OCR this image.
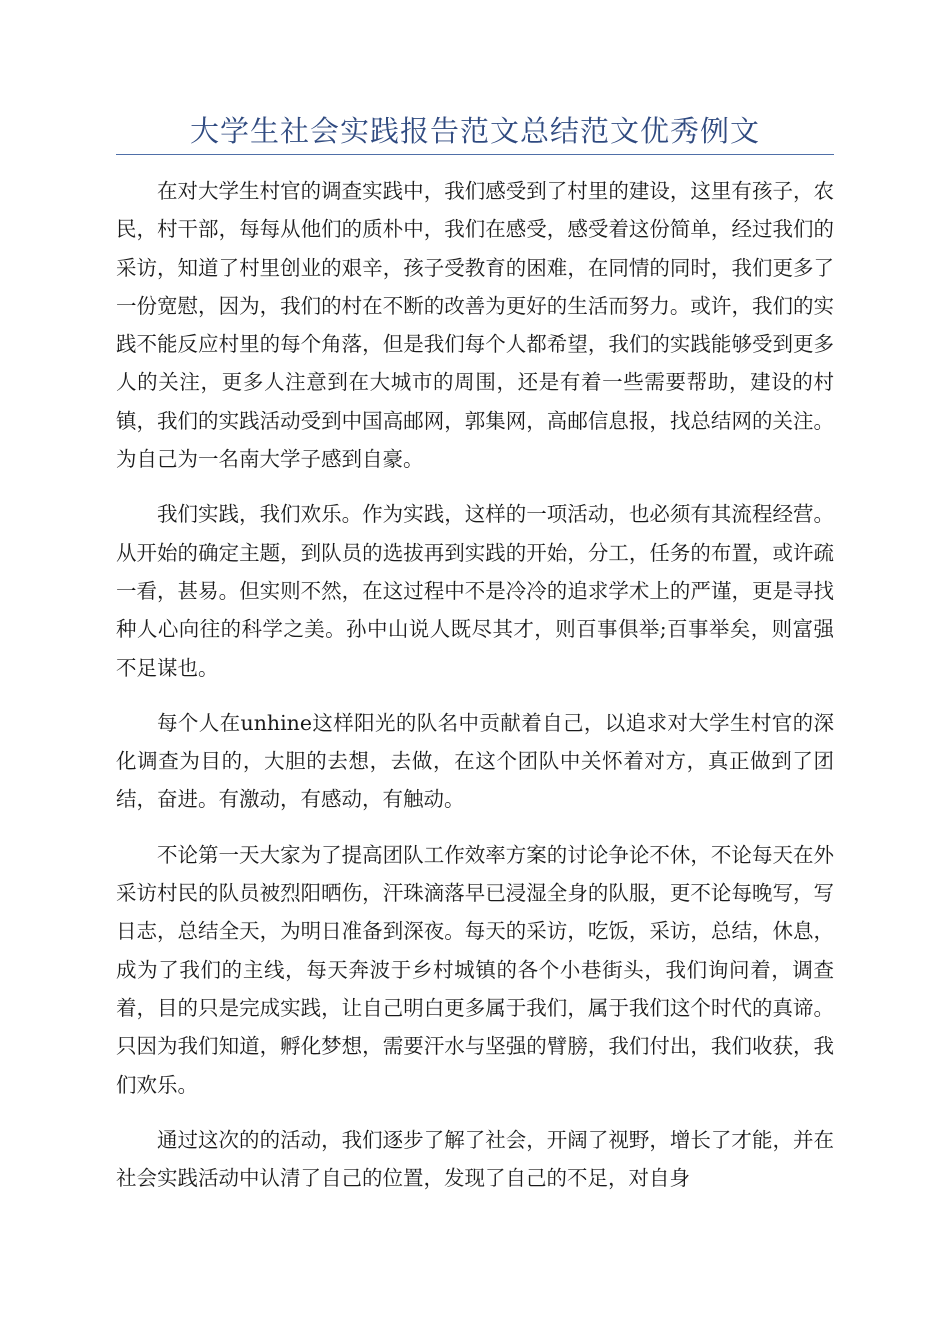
大学生社会实践报告范文总结范文优秀例文

在对大学生村官的调查实践中，我们感受到了村里的建设，这里有孩子，农民，村干部，每每从他们的质朴中，我们在感受，感受着这份简单，经过我们的采访，知道了村里创业的艰辛，孩子受教育的困难，在同情的同时，我们更多了一份宽慰，因为，我们的村在不断的改善为更好的生活而努力。或许，我们的实践不能反应村里的每个角落，但是我们每个人都希望，我们的实践能够受到更多人的关注，更多人注意到在大城市的周围，还是有着一些需要帮助，建设的村镇，我们的实践活动受到中国高邮网，郭集网，高邮信息报，找总结网的关注。为自己为一名南大学子感到自豪。

我们实践，我们欢乐。作为实践，这样的一项活动，也必须有其流程经营。从开始的确定主题，到队员的选拔再到实践的开始，分工，任务的布置，或许疏一看，甚易。但实则不然，在这过程中不是冷冷的追求学术上的严谨，更是寻找种人心向往的科学之美。孙中山说人既尽其才，则百事俱举;百事举矣，则富强不足谋也。

每个人在unhine这样阳光的队名中贡献着自己，以追求对大学生村官的深化调查为目的，大胆的去想，去做，在这个团队中关怀着对方，真正做到了团结，奋进。有激动，有感动，有触动。

不论第一天大家为了提高团队工作效率方案的讨论争论不休，不论每天在外采访村民的队员被烈阳晒伤，汗珠滴落早已浸湿全身的队服，更不论每晚写，写日志，总结全天，为明日准备到深夜。每天的采访，吃饭，采访，总结，休息，成为了我们的主线，每天奔波于乡村城镇的各个小巷街头，我们询问着，调查着，目的只是完成实践，让自己明白更多属于我们，属于我们这个时代的真谛。只因为我们知道，孵化梦想，需要汗水与坚强的臂膀，我们付出，我们收获，我们欢乐。

通过这次的的活动，我们逐步了解了社会，开阔了视野，增长了才能，并在社会实践活动中认清了自己的位置，发现了自己的不足，对自身
